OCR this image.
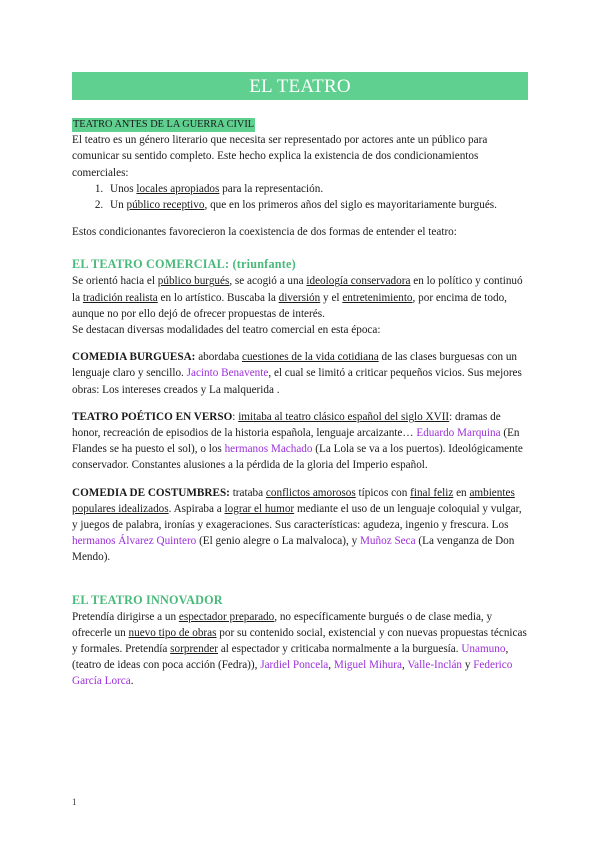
EL TEATRO
TEATRO ANTES DE LA GUERRA CIVIL

El teatro es un género literario que necesita ser representado por actores ante un público para comunicar su sentido completo. Este hecho explica la existencia de dos condicionamientos comerciales:

1. Unos locales apropiados para la representación.
2. Un público receptivo, que en los primeros años del siglo es mayoritariamente burgués.

Estos condicionantes favorecieron la coexistencia de dos formas de entender el teatro:

EL TEATRO COMERCIAL: (triunfante)

Se orientó hacia el público burgués, se acogió a una ideología conservadora en lo político y continuó la tradición realista en lo artístico. Buscaba la diversión y el entretenimiento, por encima de todo, aunque no por ello dejó de ofrecer propuestas de interés.

Se destacan diversas modalidades del teatro comercial en esta época:

COMEDIA BURGUESA: abordaba cuestiones de la vida cotidiana de las clases burguesas con un lenguaje claro y sencillo. Jacinto Benavente, el cual se limitó a criticar pequeños vicios. Sus mejores obras: Los intereses creados y La malquerida .

TEATRO POÉTICO EN VERSO: imitaba al teatro clásico español del siglo XVII: dramas de honor, recreación de episodios de la historia española, lenguaje arcaizante… Eduardo Marquina (En Flandes se ha puesto el sol), o los hermanos Machado (La Lola se va a los puertos). Ideológicamente conservador. Constantes alusiones a la pérdida de la gloria del Imperio español.

COMEDIA DE COSTUMBRES: trataba conflictos amorosos típicos con final feliz en ambientes populares idealizados. Aspiraba a lograr el humor mediante el uso de un lenguaje coloquial y vulgar, y juegos de palabra, ironías y exageraciones. Sus características: agudeza, ingenio y frescura. Los hermanos Álvarez Quintero (El genio alegre o La malvaloca), y Muñoz Seca (La venganza de Don Mendo).

EL TEATRO INNOVADOR

Pretendía dirigirse a un espectador preparado, no específicamente burgués o de clase media, y ofrecerle un nuevo tipo de obras por su contenido social, existencial y con nuevas propuestas técnicas y formales. Pretendía sorprender al espectador y criticaba normalmente a la burguesía. Unamuno, (teatro de ideas con poca acción (Fedra)), Jardiel Poncela, Miguel Mihura, Valle-Inclán y Federico García Lorca.

1
